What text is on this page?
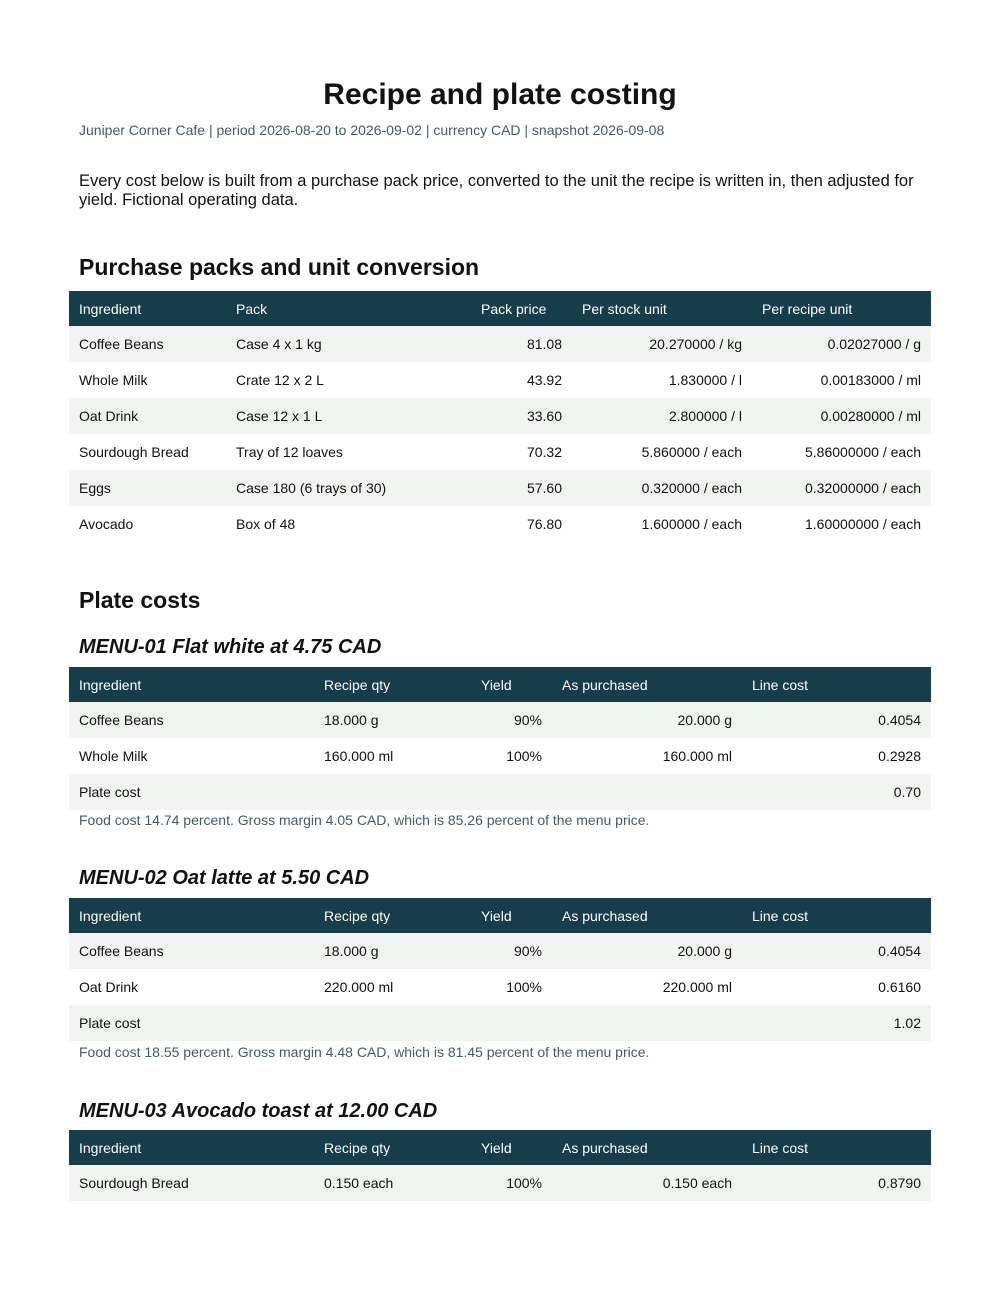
Recipe and plate costing

Juniper Corner Cafe | period 2026-08-20 to 2026-09-02 | currency CAD | snapshot 2026-09-08

Every cost below is built from a purchase pack price, converted to the unit the recipe is written in, then adjusted for yield. Fictional operating data.

Purchase packs and unit conversion
Ingredient	Pack	Pack price	Per stock unit	Per recipe unit
Coffee Beans	Case 4 x 1 kg	81.08	20.270000 / kg	0.02027000 / g
Whole Milk	Crate 12 x 2 L	43.92	1.830000 / l	0.00183000 / ml
Oat Drink	Case 12 x 1 L	33.60	2.800000 / l	0.00280000 / ml
Sourdough Bread	Tray of 12 loaves	70.32	5.860000 / each	5.86000000 / each
Eggs	Case 180 (6 trays of 30)	57.60	0.320000 / each	0.32000000 / each
Avocado	Box of 48	76.80	1.600000 / each	1.60000000 / each
Plate costs
MENU-01 Flat white at 4.75 CAD
Ingredient	Recipe qty	Yield	As purchased	Line cost
Coffee Beans	18.000 g	90%	20.000 g	0.4054
Whole Milk	160.000 ml	100%	160.000 ml	0.2928
Plate cost				0.70

Food cost 14.74 percent. Gross margin 4.05 CAD, which is 85.26 percent of the menu price.

MENU-02 Oat latte at 5.50 CAD
Ingredient	Recipe qty	Yield	As purchased	Line cost
Coffee Beans	18.000 g	90%	20.000 g	0.4054
Oat Drink	220.000 ml	100%	220.000 ml	0.6160
Plate cost				1.02

Food cost 18.55 percent. Gross margin 4.48 CAD, which is 81.45 percent of the menu price.

MENU-03 Avocado toast at 12.00 CAD
Ingredient	Recipe qty	Yield	As purchased	Line cost
Sourdough Bread	0.150 each	100%	0.150 each	0.8790
